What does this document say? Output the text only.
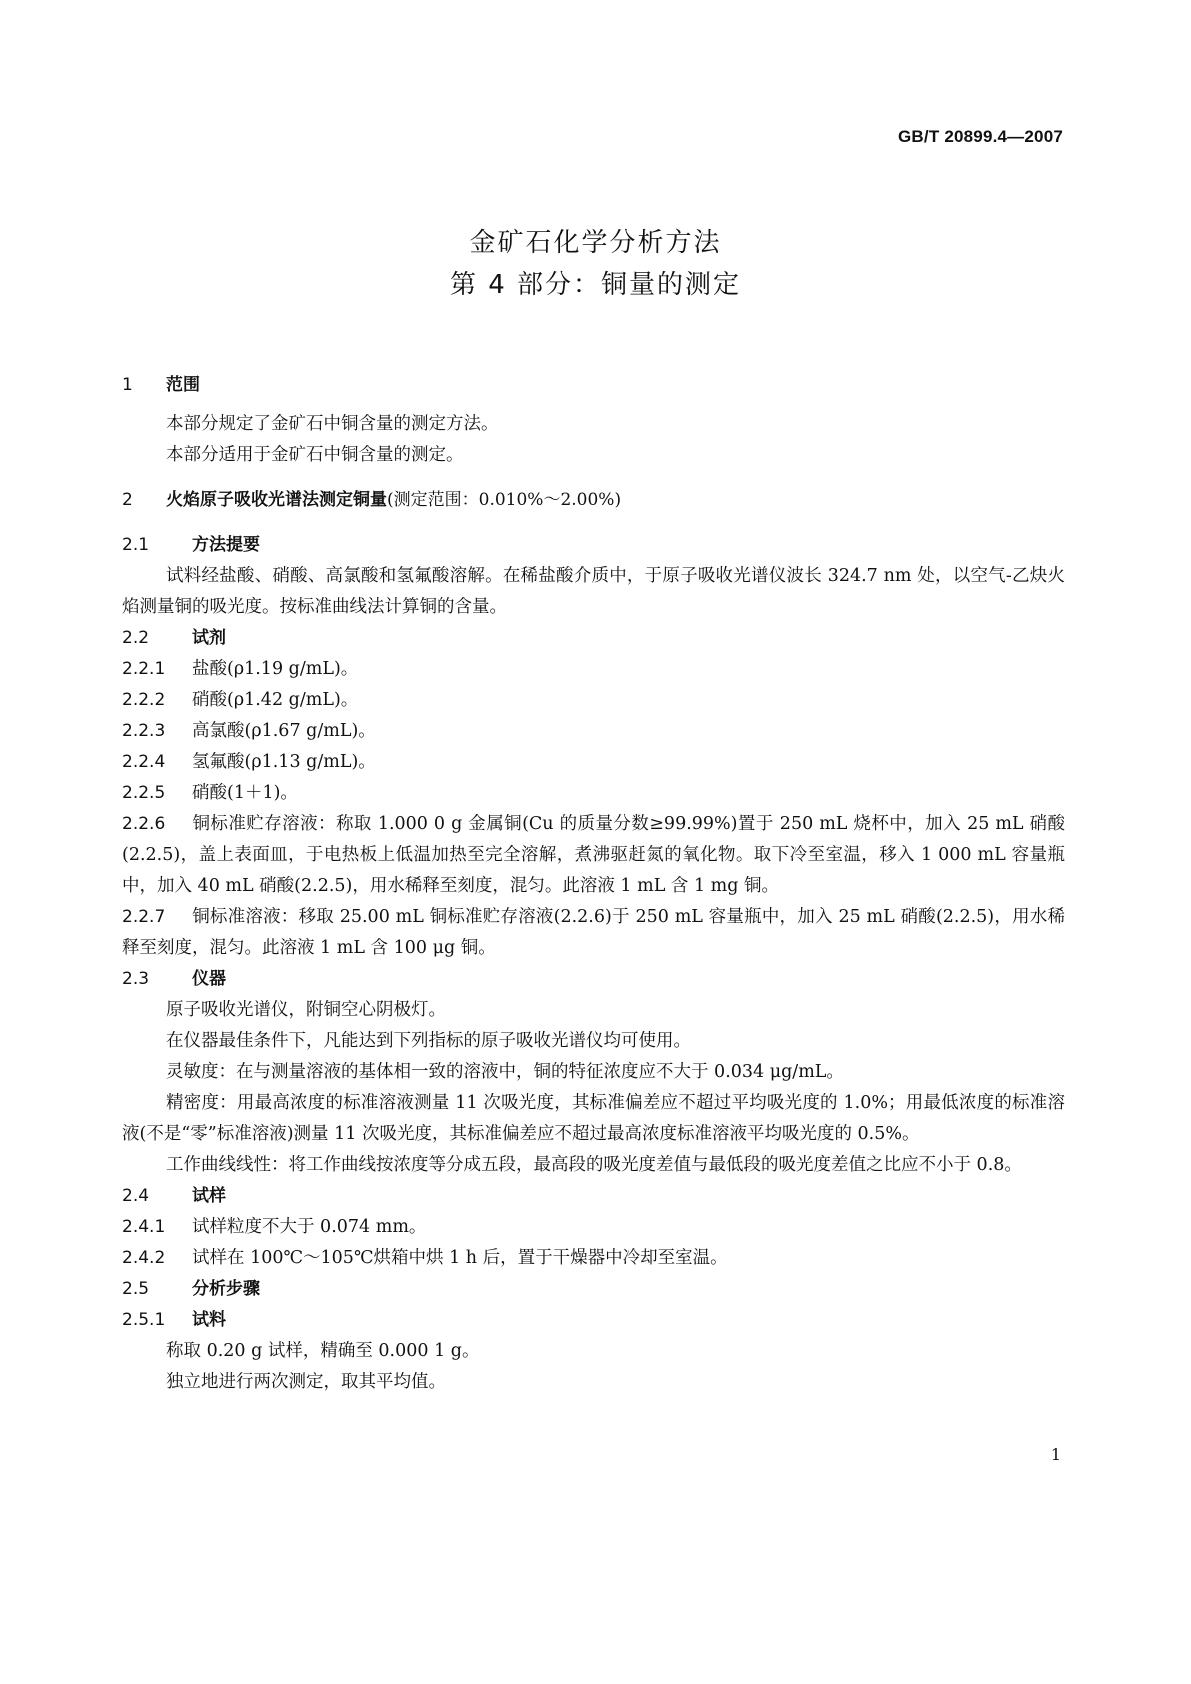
GB/T 20899.4—2007
金矿石化学分析方法
第 4 部分：铜量的测定
1 范围
本部分规定了金矿石中铜含量的测定方法。
本部分适用于金矿石中铜含量的测定。
2 火焰原子吸收光谱法测定铜量(测定范围：0.010%～2.00%)
2.1	方法提要
试料经盐酸、硝酸、高氯酸和氢氟酸溶解。在稀盐酸介质中，于原子吸收光谱仪波长 324.7 nm 处，以空气-乙炔火焰测量铜的吸光度。按标准曲线法计算铜的含量。
2.2	试剂
2.2.1 盐酸(ρ1.19 g/mL)。
2.2.2 硝酸(ρ1.42 g/mL)。
2.2.3 高氯酸(ρ1.67 g/mL)。
2.2.4 氢氟酸(ρ1.13 g/mL)。
2.2.5 硝酸(1＋1)。
2.2.6 铜标准贮存溶液：称取 1.000 0 g 金属铜(Cu 的质量分数≥99.99%)置于 250 mL 烧杯中，加入 25 mL 硝酸(2.2.5)，盖上表面皿，于电热板上低温加热至完全溶解，煮沸驱赶氮的氧化物。取下冷至室温，移入 1 000 mL 容量瓶中，加入 40 mL 硝酸(2.2.5)，用水稀释至刻度，混匀。此溶液 1 mL 含 1 mg 铜。
2.2.7 铜标准溶液：移取 25.00 mL 铜标准贮存溶液(2.2.6)于 250 mL 容量瓶中，加入 25 mL 硝酸(2.2.5)，用水稀释至刻度，混匀。此溶液 1 mL 含 100 μg 铜。
2.3	仪器
原子吸收光谱仪，附铜空心阴极灯。
在仪器最佳条件下，凡能达到下列指标的原子吸收光谱仪均可使用。
灵敏度：在与测量溶液的基体相一致的溶液中，铜的特征浓度应不大于 0.034 μg/mL。
精密度：用最高浓度的标准溶液测量 11 次吸光度，其标准偏差应不超过平均吸光度的 1.0%；用最低浓度的标准溶液(不是“零”标准溶液)测量 11 次吸光度，其标准偏差应不超过最高浓度标准溶液平均吸光度的 0.5%。
工作曲线线性：将工作曲线按浓度等分成五段，最高段的吸光度差值与最低段的吸光度差值之比应不小于 0.8。
2.4	试样
2.4.1 试样粒度不大于 0.074 mm。
2.4.2 试样在 100℃～105℃烘箱中烘 1 h 后，置于干燥器中冷却至室温。
2.5	分析步骤
2.5.1 试料
称取 0.20 g 试样，精确至 0.000 1 g。
独立地进行两次测定，取其平均值。
1
